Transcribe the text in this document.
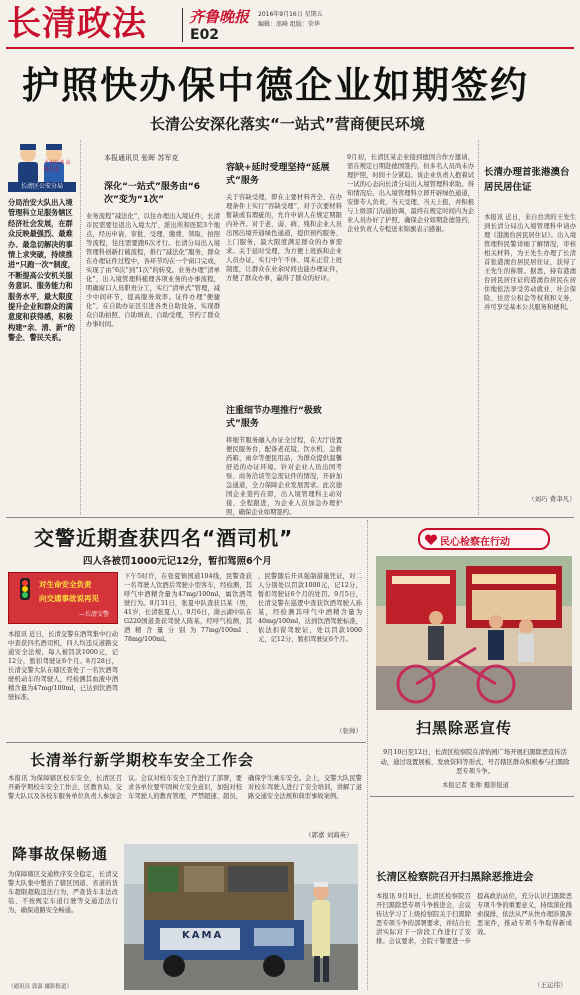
长清政法	齐鲁晚报
E02
2016年9月16日 星期五
编辑：邵峰 组版：荣华
护照快办保中德企业如期签约
长清公安深化落实“一站式”营商便民环境
平安长清 高效长清
长清区公安分局
分局治安大队出入境管理科立足服务辖区经济社会发展，在群众反映最强烈、最难办、最急切解决的事情上求突破，持续推进“只跑一次”制度，不断提高公安机关服务意识、服务能力和服务水平，最大限度提升企业和群众的满意度和获得感，积极构建“亲、清、新”的警企、警民关系。
本报通讯员 张晖 苏军克
深化“一站式”服务由“6次”变为“1次”
业务流程“减法化”，以往办理出入境证件，长清市民需要往返出入境大厅、派出所和医院3个地点，经历申请、审批、受理、缴费、领取、拍照等流程，往往需要跑6次才行。长清分局出入境管理科创新打破流程，推行“减法化”服务，群众在办理证件过程中，各环节均在一个窗口完成，实现了由“6次”到“1次”的转变。业务办理“清单化”，出入境管理科梳理各项业务的办事流程，明确窗口人员职责分工，实行“清单式”管理，减少中间环节，提高服务效率。证件办理“便捷化”，在自助办证区引进各类自助设备，实现群众自助拍照、自助填表、自助受理，节约了群众办事时间。
容缺+延时受理坚持“延展式”服务
关于容缺受理，即在主要材料齐全、在办理条件上实行“容缺受理”，对于次要材料暂缺或有瑕疵的，允许申请人在规定期限内补齐。对于老、弱、病、残和企业人员出国出境开通绿色通道，提供预约服务、上门服务，最大限度满足群众的办事需求。关于延时受理，为方便上班族和企业人员办证，实行中午不休、周末正常上班制度，让群众在业余时间也能办理证件，方便了群众办事，赢得了群众的好评。
注重细节办理推行“极致式”服务
将细节服务融入办证全过程，在大厅设置便民服务台，配备老花镜、饮水机、急救药箱、雨伞等便民用品，为群众提供温馨舒适的办证环境。针对企业人员出国考察、商务洽谈等急需证件的情况，开辟加急通道，全力保障企业发展需求。此次德国企业签约在即，出入境管理科主动对接、全程跟进，为企业人员加急办理护照，确保企业如期签约。
9月初，长清区某企业接到德国合作方邀请，需在规定日期赴德国签约，但多名人员尚未办理护照，时间十分紧迫。该企业负责人抱着试一试的心态向长清分局出入境管理科求助。得知情况后，出入境管理科立即开辟绿色通道，安排专人负责，当天受理、当天上报，并积极与上级部门沟通协调，最终在规定时间内为企业人员办好了护照，确保企业如期赴德签约，企业负责人专程送来锦旗表示感谢。
长清办理首张港澳台居民居住证
本报讯 近日，来自台湾的王先生到长清分局出入境管理科申请办理《港澳台居民居住证》。出入境管理科民警详细了解情况，审核相关材料，为王先生办理了长清首张港澳台居民居住证，获得了王先生的称赞。据悉，持有港澳台居民居住证的港澳台居民在居住地依法享受劳动就业、社会保险、住房公积金等权利和义务，并可享受基本公共服务和便利。
（刘巧 费聿凡）
交警近期查获四名“酒司机”
四人各被罚1000元记12分，暂扣驾照6个月
对生命安全负责
向交通事故说再见
—长清交警
本报讯 近日，长清交警在酒驾集中行动中查获四名酒司机，四人均违反道路交通安全法规，每人被罚款1000元，记12分，暂扣驾驶证6个月。8月28日，长清交警大队在辖区查处了一名饮酒驾驶机动车的驾驶人，经检测其血液中酒精含量为47mg/100ml，已达到饮酒驾驶标准。
下午5时许，在张夏镇国道104线，民警查获一名驾驶人饮酒后驾驶小型客车，经检测，其呼气中酒精含量为47mg/100ml，属饮酒驾驶行为。8月31日，张夏中队查获吕某（男，41岁，长清张夏人）。9月6日，崮云湖中队在G220国道查获驾驶人陈某，经呼气检测，其酒精含量分别为77mg/100ml、78mg/100ml。
，民警随后开具强制措施凭证，对二人分别处以罚款1000元，记12分，暂扣驾驶证6个月的处罚。9月5日，长清交警在巡逻中查获饮酒驾驶人孙某，经检测其呼气中酒精含量为40mg/100ml，达到饮酒驾驶标准，依法扣留驾驶证，处以罚款1000元，记12分，暂扣驾驶证6个月。
（张帅）
长清举行新学期校车安全工作会
本报讯 为保障辖区校车安全，长清区召开新学期校车安全工作会，区教育局、交警大队以及各校车服务单位负责人参加会议。会议对校车安全工作进行了部署，要求各单位要牢固树立安全意识，加强对校车驾驶人的教育管理，严禁超速、超员，确保学生乘车安全。会上，交警大队民警对校车驾驶人进行了安全培训，讲解了道路交通安全法规和典型事故案例。
（郭嘉 刘海英）
降事故保畅通
为保障辖区交通秩序安全稳定，长清交警大队集中整治了辖区国道、省道的货车超限超载违法行为，严查货车非法改装、不按规定车道行驶等交通违法行为，确保道路安全畅通。
（通讯员 郭嘉 摄影报道）
KAMA
民心检察在行动
扫黑除恶宣传
9月10日至12日，长清区检察院在清怡园广场开展扫黑除恶宣传活动，通过设置展板、发放资料等形式，号召辖区群众积极参与扫黑除恶专项斗争。
本报记者 张帅 摄影报道
长清区检察院召开扫黑除恶推进会
本报讯 9月8日，长清区检察院召开扫黑除恶专项斗争推进会，会议传达学习了上级检察院关于扫黑除恶专项斗争的部署要求，并结合长清实际对下一阶段工作进行了安排。会议要求，全院干警要进一步提高政治站位，充分认识扫黑除恶专项斗争的重要意义，持续深化线索摸排，依法从严从快办理涉黑涉恶案件，推动专项斗争取得新成效。
（王运伟）
